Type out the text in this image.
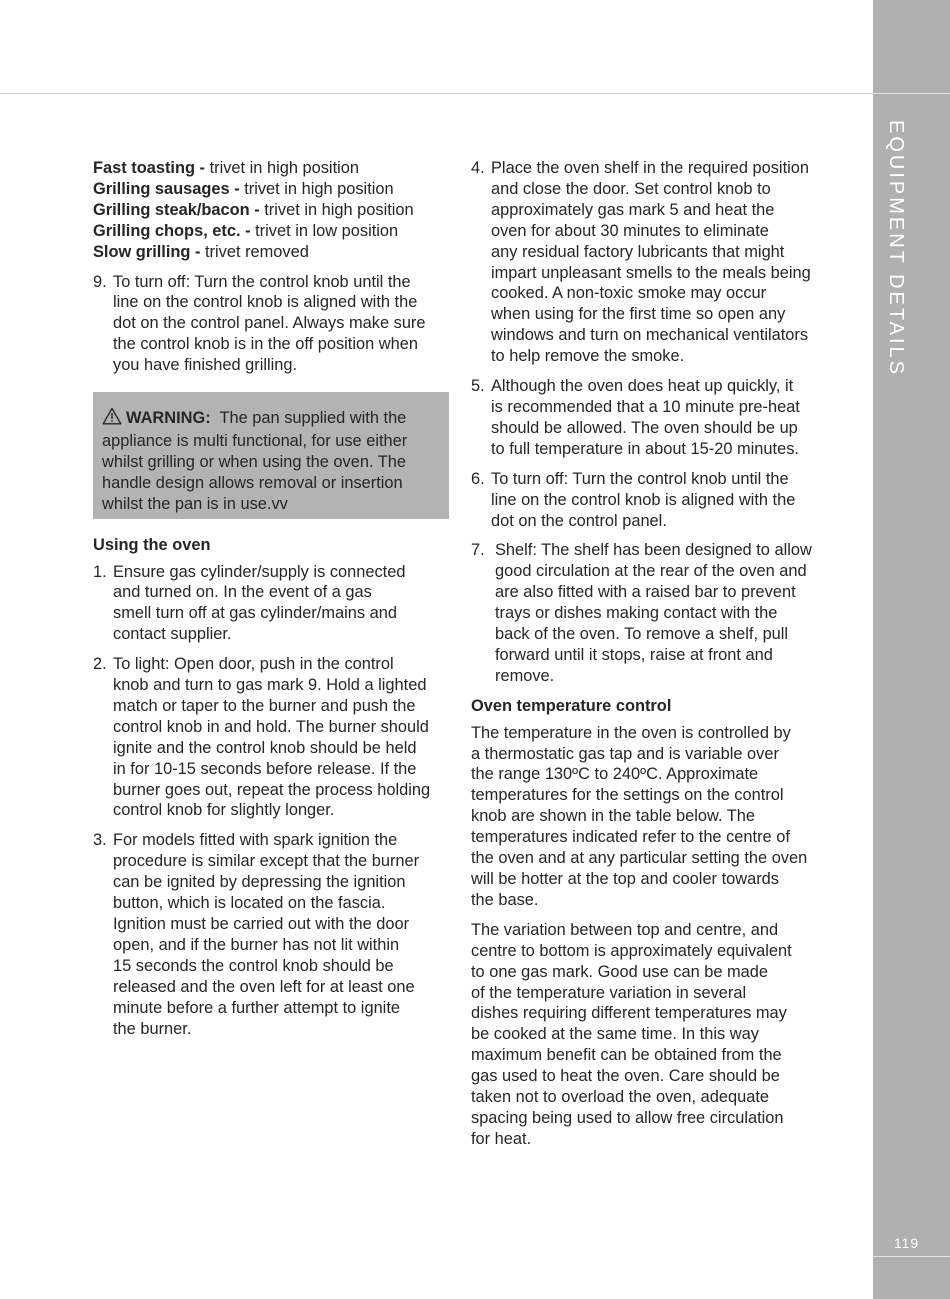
EQUIPMENT DETAILS
119
Fast toasting - trivet in high position
Grilling sausages - trivet in high position
Grilling steak/bacon - trivet in high position
Grilling chops, etc. - trivet in low position
Slow grilling - trivet removed
9. To turn off: Turn the control knob until the
line on the control knob is aligned with the
dot on the control panel. Always make sure
the control knob is in the off position when
you have finished grilling.
WARNING:  The pan supplied with the
appliance is multi functional, for use either
whilst grilling or when using the oven. The
handle design allows removal or insertion
whilst the pan is in use.vv
Using the oven
1. Ensure gas cylinder/supply is connected
and turned on. In the event of a gas
smell turn off at gas cylinder/mains and
contact supplier.
2. To light: Open door, push in the control
knob and turn to gas mark 9. Hold a lighted
match or taper to the burner and push the
control knob in and hold. The burner should
ignite and the control knob should be held
in for 10-15 seconds before release. If the
burner goes out, repeat the process holding
control knob for slightly longer.
3. For models fitted with spark ignition the
procedure is similar except that the burner
can be ignited by depressing the ignition
button, which is located on the fascia.
Ignition must be carried out with the door
open, and if the burner has not lit within
15 seconds the control knob should be
released and the oven left for at least one
minute before a further attempt to ignite
the burner.
4. Place the oven shelf in the required position
and close the door. Set control knob to
approximately gas mark 5 and heat the
oven for about 30 minutes to eliminate
any residual factory lubricants that might
impart unpleasant smells to the meals being
cooked. A non-toxic smoke may occur
when using for the first time so open any
windows and turn on mechanical ventilators
to help remove the smoke.
5. Although the oven does heat up quickly, it
is recommended that a 10 minute pre-heat
should be allowed. The oven should be up
to full temperature in about 15-20 minutes.
6. To turn off: Turn the control knob until the
line on the control knob is aligned with the
dot on the control panel.
7. Shelf: The shelf has been designed to allow
good circulation at the rear of the oven and
are also fitted with a raised bar to prevent
trays or dishes making contact with the
back of the oven. To remove a shelf, pull
forward until it stops, raise at front and
remove.
Oven temperature control
The temperature in the oven is controlled by
a thermostatic gas tap and is variable over
the range 130ºC to 240ºC. Approximate
temperatures for the settings on the control
knob are shown in the table below. The
temperatures indicated refer to the centre of
the oven and at any particular setting the oven
will be hotter at the top and cooler towards
the base.
The variation between top and centre, and
centre to bottom is approximately equivalent
to one gas mark. Good use can be made
of the temperature variation in several
dishes requiring different temperatures may
be cooked at the same time. In this way
maximum benefit can be obtained from the
gas used to heat the oven. Care should be
taken not to overload the oven, adequate
spacing being used to allow free circulation
for heat.
